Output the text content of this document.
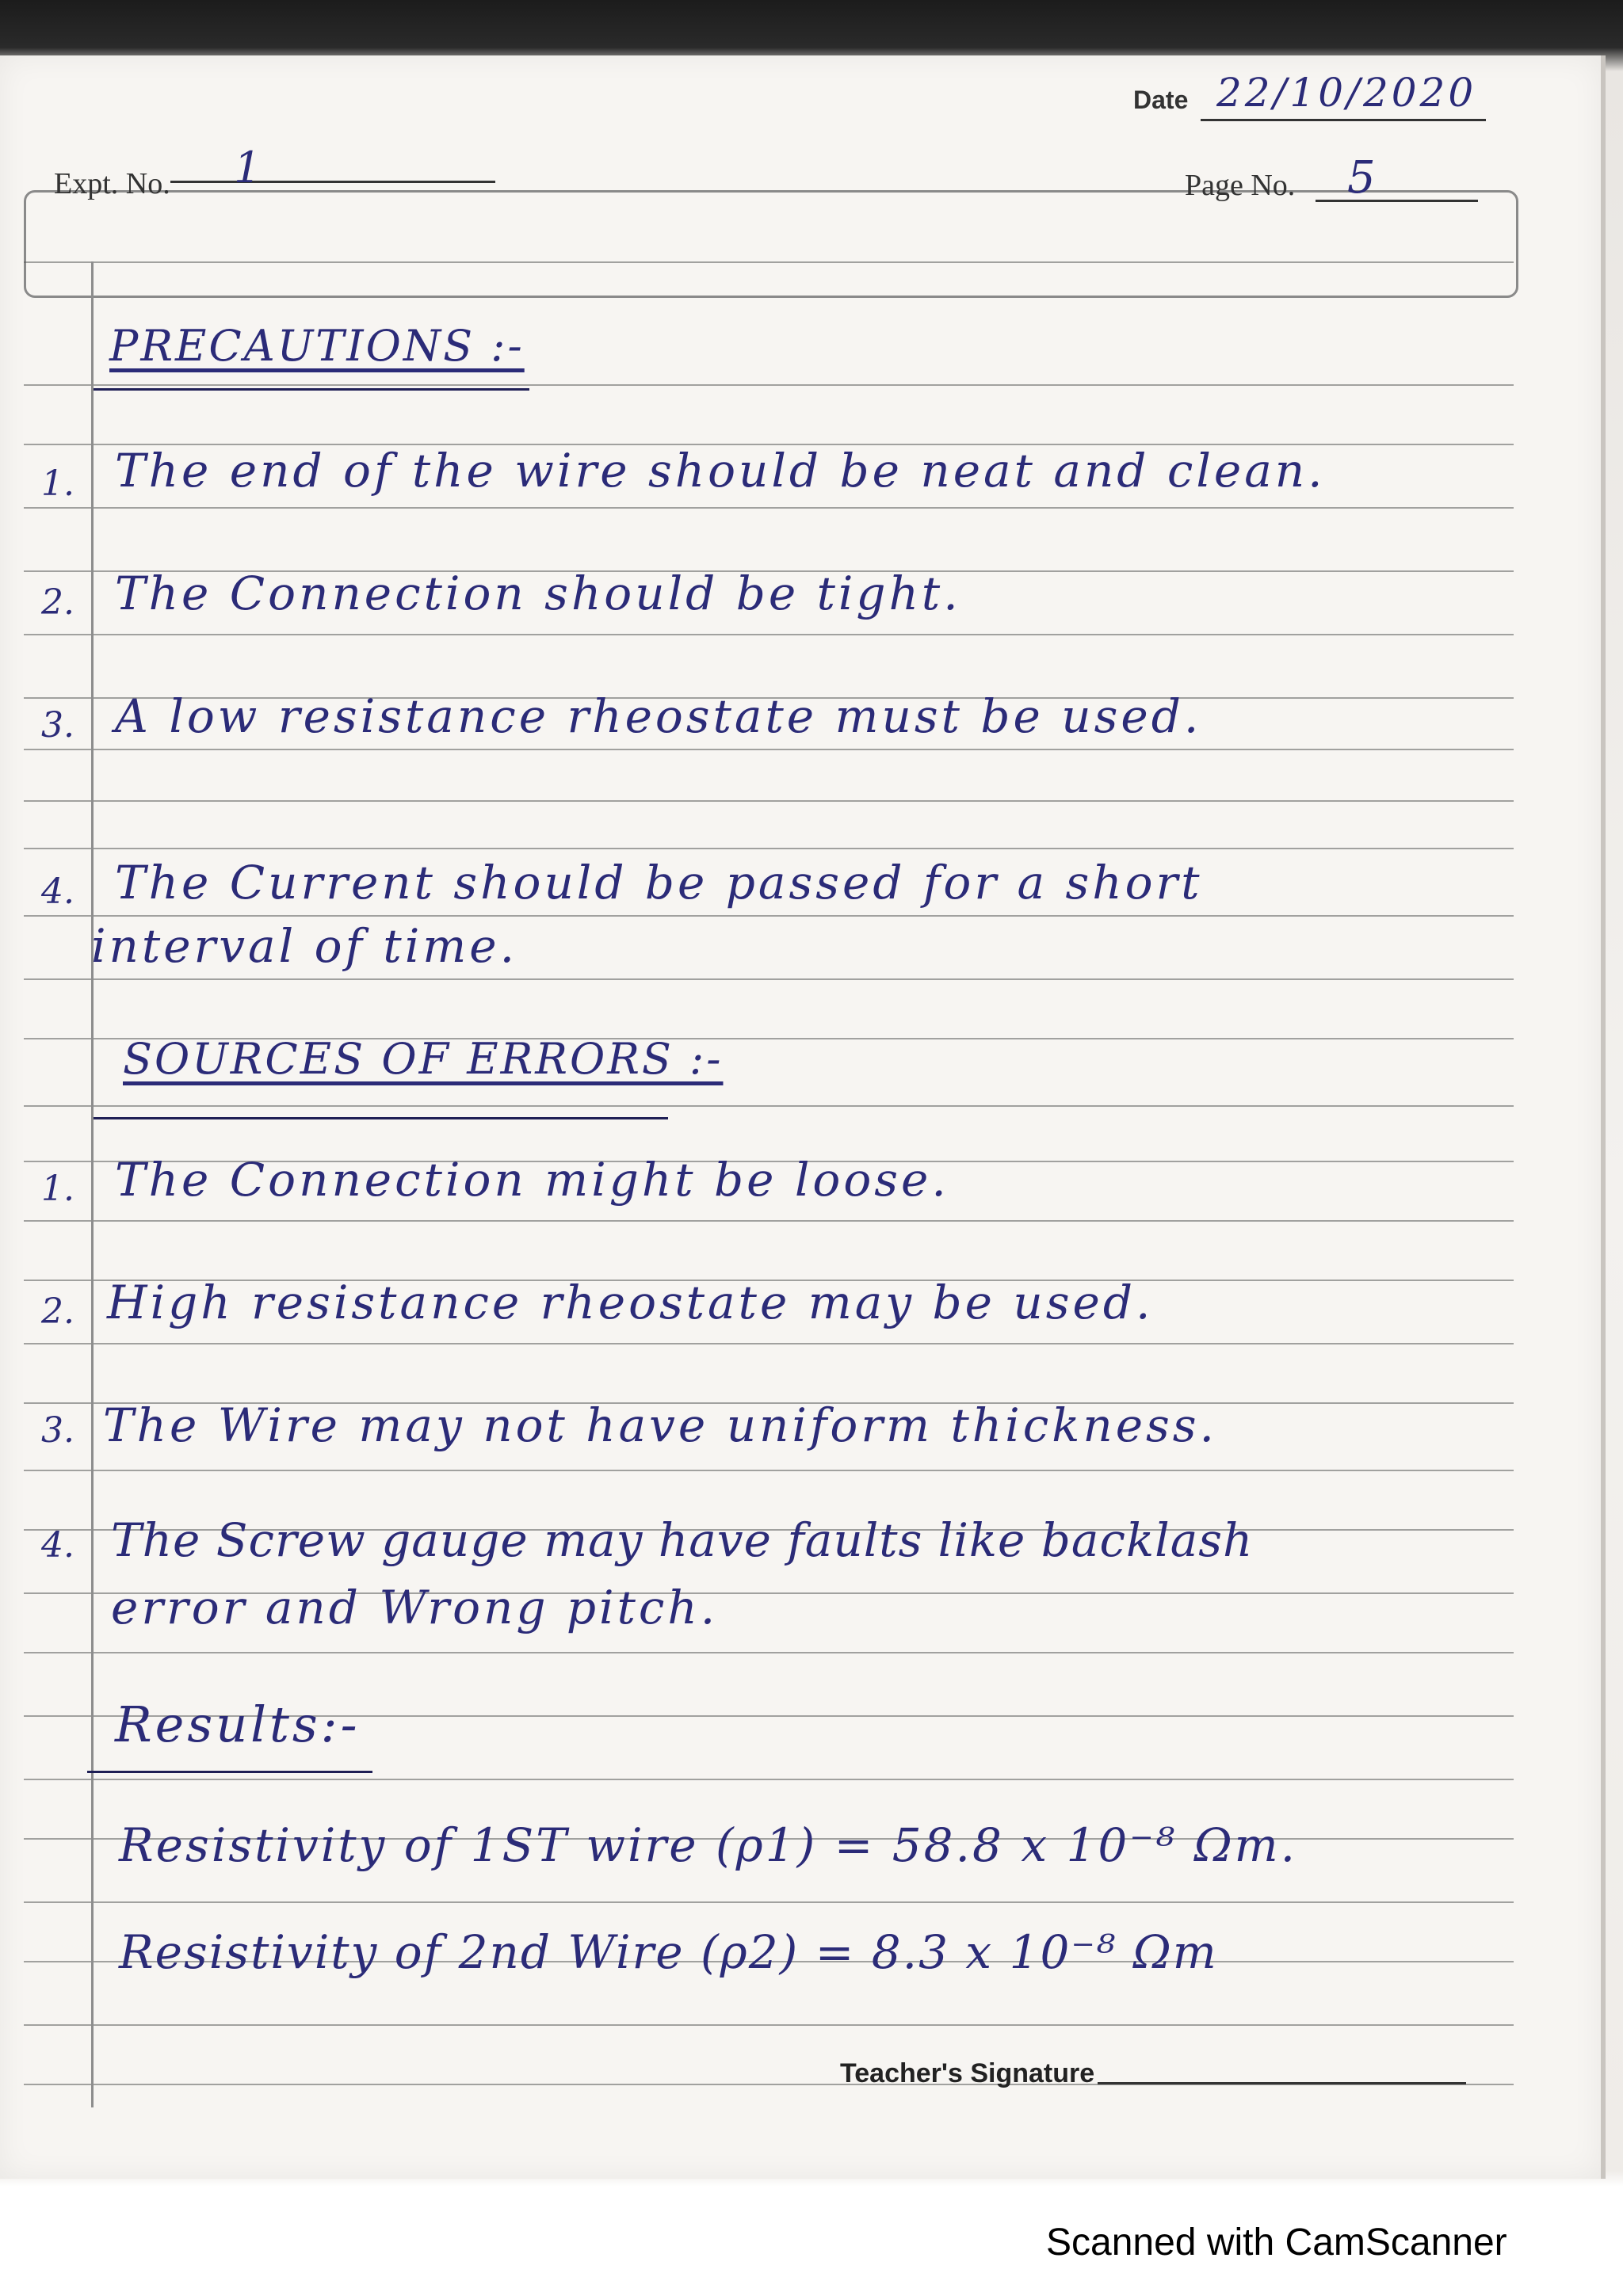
Date 22/10/2020
Expt. No. 1	Page No. 5
PRECAUTIONS :-
1. The end of the wire should be neat and clean.
2. The Connection should be tight.
3. A low resistance rheostate must be used.
4. The Current should be passed for a short
interval of time.
SOURCES OF ERRORS :-
1. The Connection might be loose.
2. High resistance rheostate may be used.
3. The Wire may not have uniform thickness.
4. The Screw gauge may have faults like backlash
error and Wrong pitch.
Results:-
Resistivity of 1ST wire (ρ1) = 58.8 x 10⁻⁸ Ωm.
Resistivity of 2nd Wire (ρ2) = 8.3 x 10⁻⁸ Ωm
Teacher's Signature
Scanned with CamScanner
